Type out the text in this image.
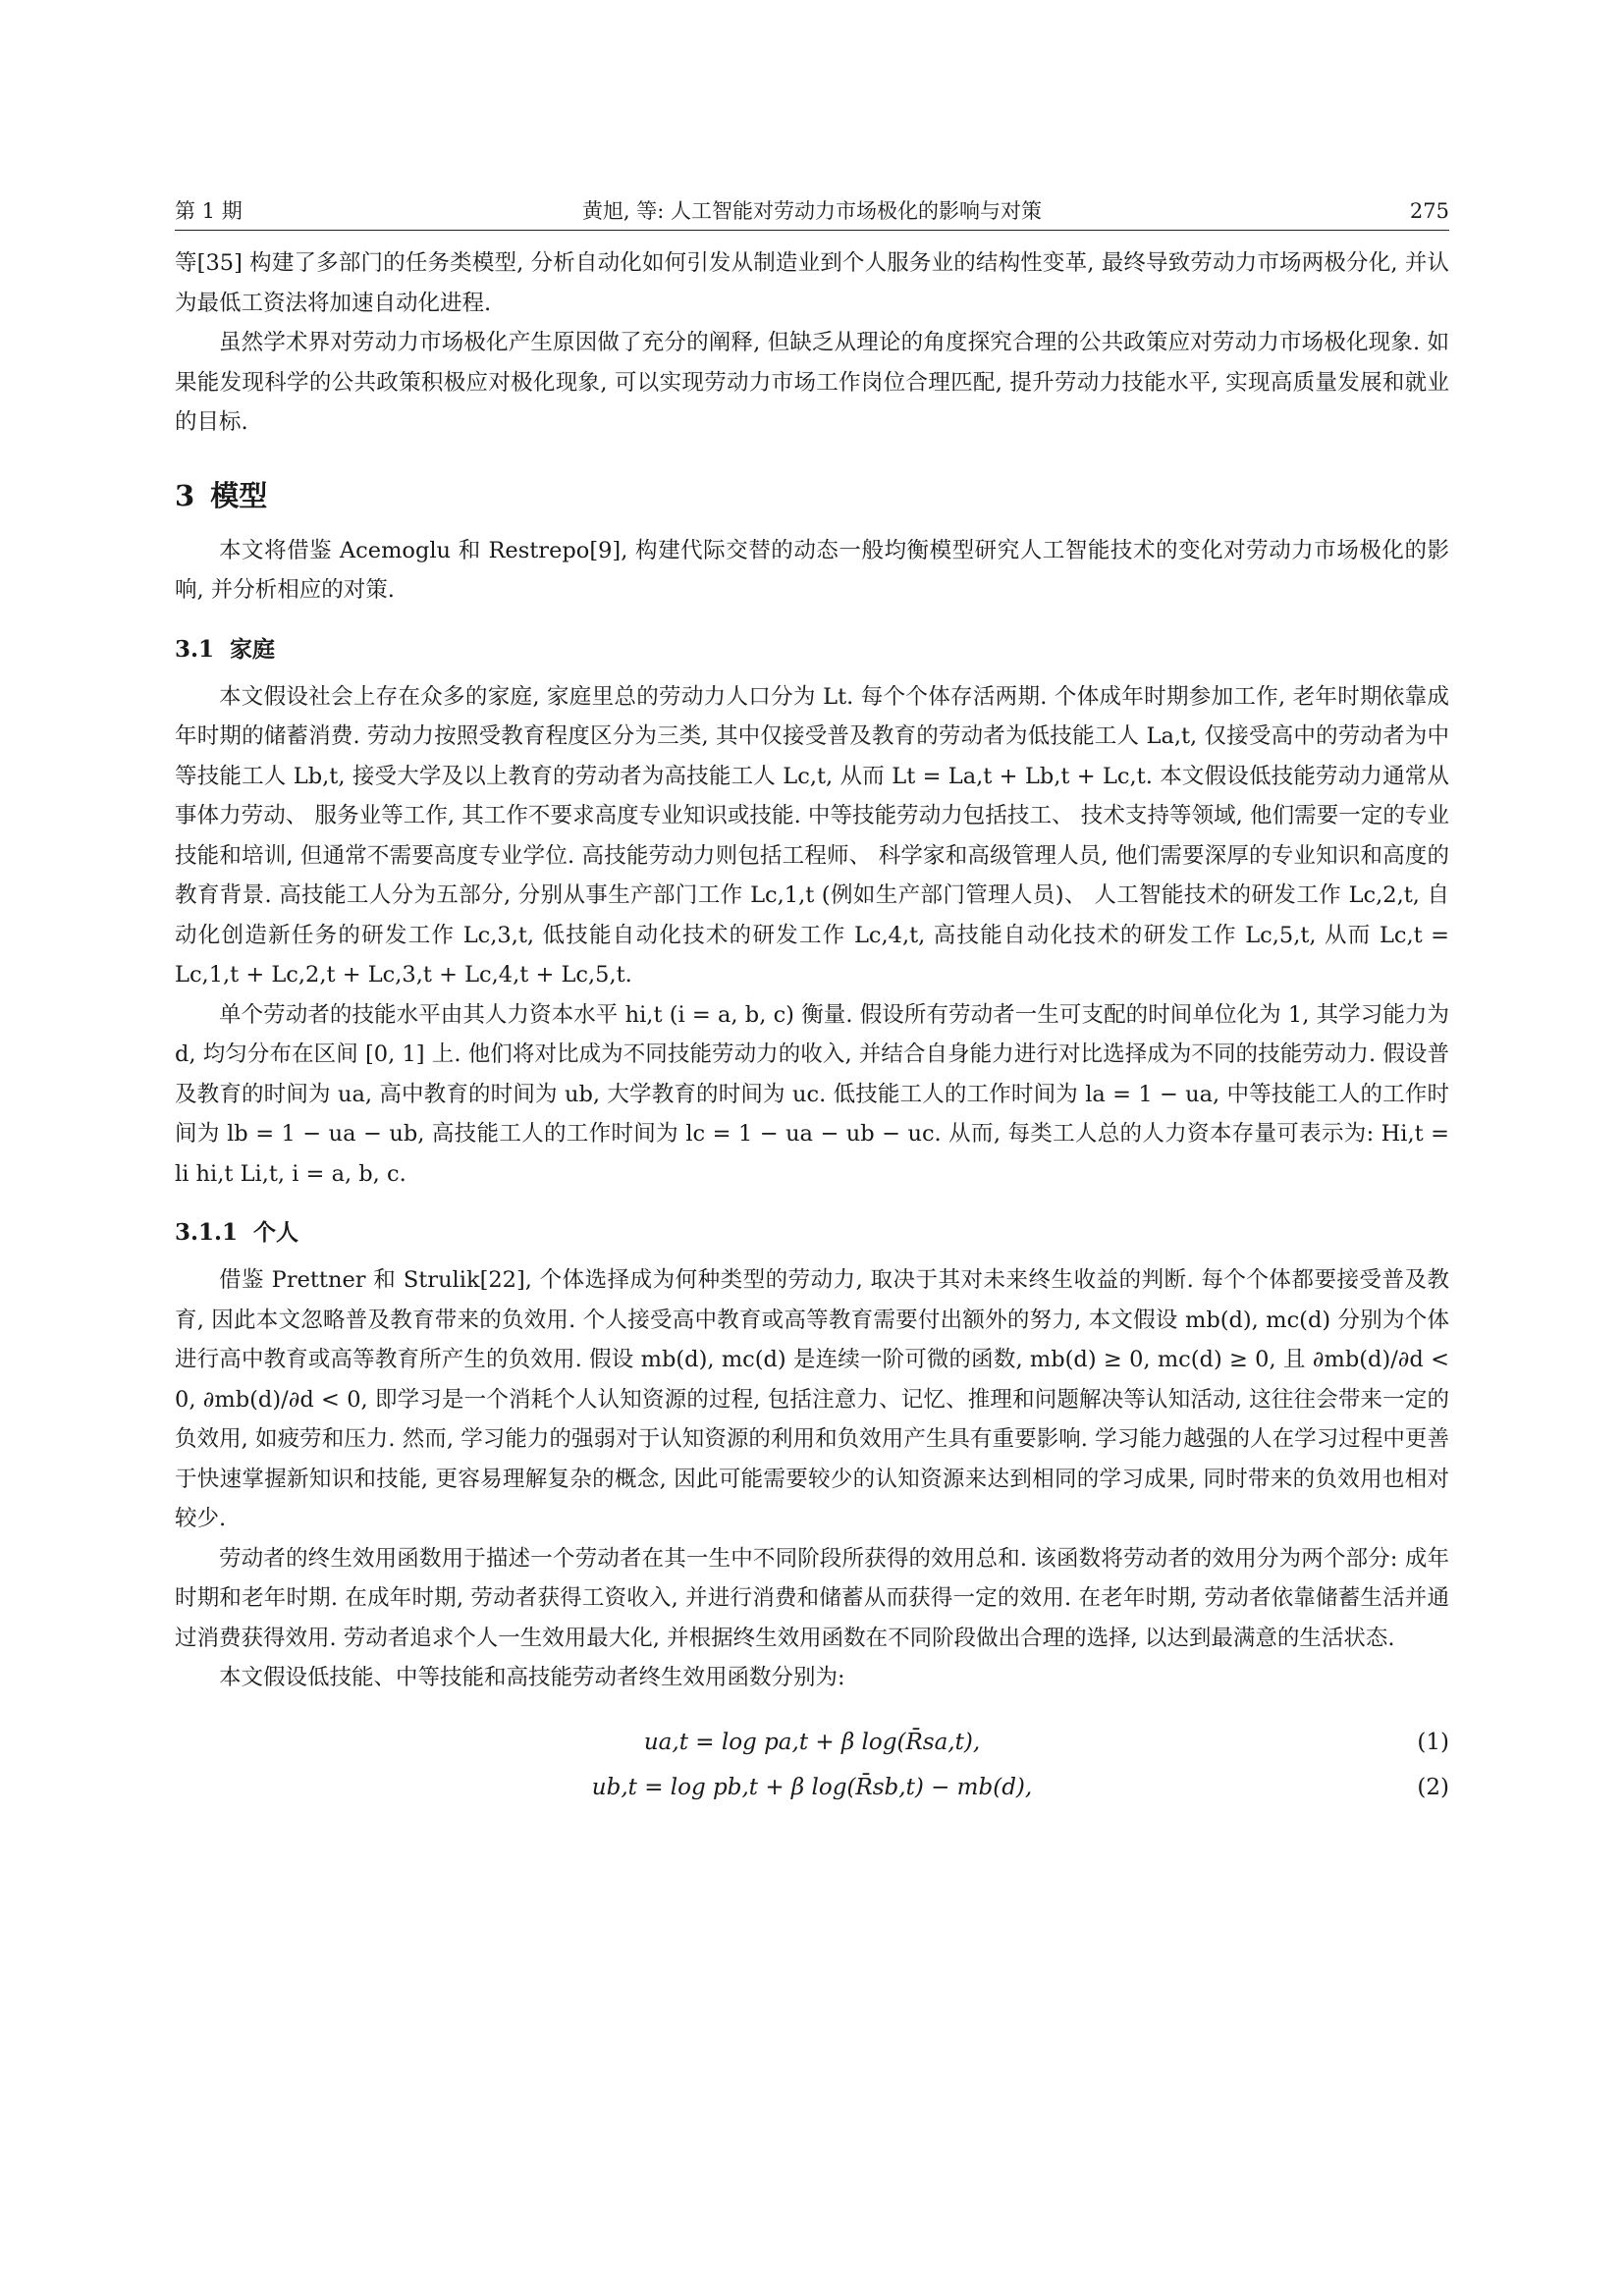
第 1 期	黄旭, 等: 人工智能对劳动力市场极化的影响与对策	275

等[35] 构建了多部门的任务类模型, 分析自动化如何引发从制造业到个人服务业的结构性变革, 最终导致劳动力市场两极分化, 并认为最低工资法将加速自动化进程.

虽然学术界对劳动力市场极化产生原因做了充分的阐释, 但缺乏从理论的角度探究合理的公共政策应对劳动力市场极化现象. 如果能发现科学的公共政策积极应对极化现象, 可以实现劳动力市场工作岗位合理匹配, 提升劳动力技能水平, 实现高质量发展和就业的目标.

3 模型

本文将借鉴 Acemoglu 和 Restrepo[9], 构建代际交替的动态一般均衡模型研究人工智能技术的变化对劳动力市场极化的影响, 并分析相应的对策.

3.1 家庭

本文假设社会上存在众多的家庭, 家庭里总的劳动力人口分为 Lt. 每个个体存活两期. 个体成年时期参加工作, 老年时期依靠成年时期的储蓄消费. 劳动力按照受教育程度区分为三类, 其中仅接受普及教育的劳动者为低技能工人 La,t, 仅接受高中的劳动者为中等技能工人 Lb,t, 接受大学及以上教育的劳动者为高技能工人 Lc,t, 从而 Lt = La,t + Lb,t + Lc,t. 本文假设低技能劳动力通常从事体力劳动、 服务业等工作, 其工作不要求高度专业知识或技能. 中等技能劳动力包括技工、 技术支持等领域, 他们需要一定的专业技能和培训, 但通常不需要高度专业学位. 高技能劳动力则包括工程师、 科学家和高级管理人员, 他们需要深厚的专业知识和高度的教育背景. 高技能工人分为五部分, 分别从事生产部门工作 Lc,1,t (例如生产部门管理人员)、 人工智能技术的研发工作 Lc,2,t, 自动化创造新任务的研发工作 Lc,3,t, 低技能自动化技术的研发工作 Lc,4,t, 高技能自动化技术的研发工作 Lc,5,t, 从而 Lc,t = Lc,1,t + Lc,2,t + Lc,3,t + Lc,4,t + Lc,5,t.

单个劳动者的技能水平由其人力资本水平 hi,t (i = a, b, c) 衡量. 假设所有劳动者一生可支配的时间单位化为 1, 其学习能力为 d, 均匀分布在区间 [0, 1] 上. 他们将对比成为不同技能劳动力的收入, 并结合自身能力进行对比选择成为不同的技能劳动力. 假设普及教育的时间为 ua, 高中教育的时间为 ub, 大学教育的时间为 uc. 低技能工人的工作时间为 la = 1 − ua, 中等技能工人的工作时间为 lb = 1 − ua − ub, 高技能工人的工作时间为 lc = 1 − ua − ub − uc. 从而, 每类工人总的人力资本存量可表示为: Hi,t = li hi,t Li,t, i = a, b, c.

3.1.1 个人

借鉴 Prettner 和 Strulik[22], 个体选择成为何种类型的劳动力, 取决于其对未来终生收益的判断. 每个个体都要接受普及教育, 因此本文忽略普及教育带来的负效用. 个人接受高中教育或高等教育需要付出额外的努力, 本文假设 mb(d), mc(d) 分别为个体进行高中教育或高等教育所产生的负效用. 假设 mb(d), mc(d) 是连续一阶可微的函数, mb(d) ≥ 0, mc(d) ≥ 0, 且 ∂mb(d)/∂d < 0, ∂mb(d)/∂d < 0, 即学习是一个消耗个人认知资源的过程, 包括注意力、记忆、推理和问题解决等认知活动, 这往往会带来一定的负效用, 如疲劳和压力. 然而, 学习能力的强弱对于认知资源的利用和负效用产生具有重要影响. 学习能力越强的人在学习过程中更善于快速掌握新知识和技能, 更容易理解复杂的概念, 因此可能需要较少的认知资源来达到相同的学习成果, 同时带来的负效用也相对较少.

劳动者的终生效用函数用于描述一个劳动者在其一生中不同阶段所获得的效用总和. 该函数将劳动者的效用分为两个部分: 成年时期和老年时期. 在成年时期, 劳动者获得工资收入, 并进行消费和储蓄从而获得一定的效用. 在老年时期, 劳动者依靠储蓄生活并通过消费获得效用. 劳动者追求个人一生效用最大化, 并根据终生效用函数在不同阶段做出合理的选择, 以达到最满意的生活状态.

本文假设低技能、中等技能和高技能劳动者终生效用函数分别为:

ua,t = log pa,t + β log(R̄sa,t),	(1)
ub,t = log pb,t + β log(R̄sb,t) − mb(d),	(2)
